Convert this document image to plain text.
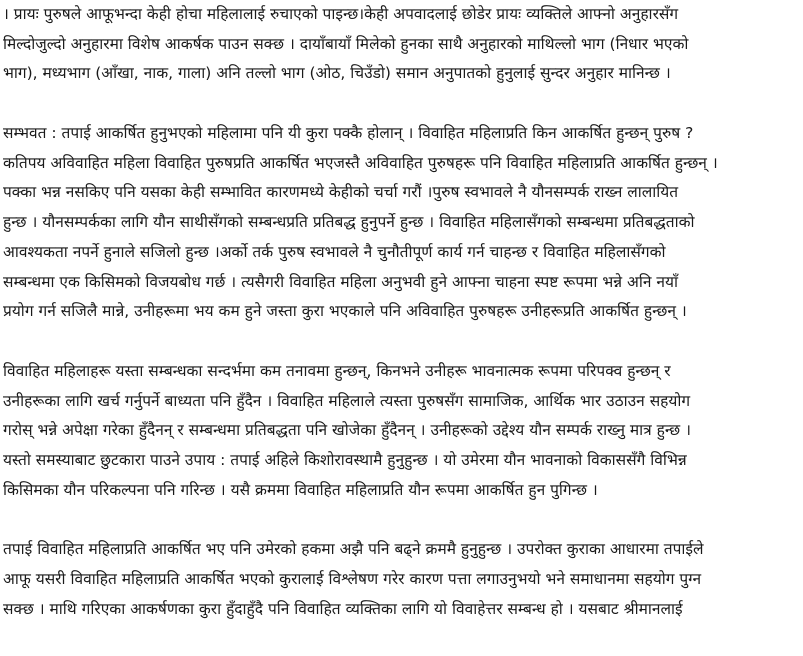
। प्रायः पुरुषले आफूभन्दा केही होचा महिलालाई रुचाएको पाइन्छ।केही अपवादलाई छोडेर प्रायः व्यक्तिले आफ्नो अनुहारसँग
मिल्दोजुल्दो अनुहारमा विशेष आकर्षक पाउन सक्छ । दायाँबायाँ मिलेको हुनका साथै अनुहारको माथिल्लो भाग (निधार भएको
भाग), मध्यभाग (आँखा, नाक, गाला) अनि तल्लो भाग (ओठ, चिउँडो) समान अनुपातको हुनुलाई सुन्दर अनुहार मानिन्छ ।
सम्भवत : तपाई आकर्षित हुनुभएको महिलामा पनि यी कुरा पक्कै होलान् । विवाहित महिलाप्रति किन आकर्षित हुन्छन् पुरुष ?
कतिपय अविवाहित महिला विवाहित पुरुषप्रति आकर्षित भएजस्तै अविवाहित पुरुषहरू पनि विवाहित महिलाप्रति आकर्षित हुन्छन् ।
पक्का भन्न नसकिए पनि यसका केही सम्भावित कारणमध्ये केहीको चर्चा गरौं ।पुरुष स्वभावले नै यौनसम्पर्क राख्न लालायित
हुन्छ । यौनसम्पर्कका लागि यौन साथीसँगको सम्बन्धप्रति प्रतिबद्ध हुनुपर्ने हुन्छ । विवाहित महिलासँगको सम्बन्धमा प्रतिबद्धताको
आवश्यकता नपर्ने हुनाले सजिलो हुन्छ ।अर्को तर्क पुरुष स्वभावले नै चुनौतीपूर्ण कार्य गर्न चाहन्छ र विवाहित महिलासँगको
सम्बन्धमा एक किसिमको विजयबोध गर्छ । त्यसैगरी विवाहित महिला अनुभवी हुने आफ्ना चाहना स्पष्ट रूपमा भन्ने अनि नयाँ
प्रयोग गर्न सजिलै मान्ने, उनीहरूमा भय कम हुने जस्ता कुरा भएकाले पनि अविवाहित पुरुषहरू उनीहरूप्रति आकर्षित हुन्छन् ।
विवाहित महिलाहरू यस्ता सम्बन्धका सन्दर्भमा कम तनावमा हुन्छन्, किनभने उनीहरू भावनात्मक रूपमा परिपक्व हुन्छन् र
उनीहरूका लागि खर्च गर्नुपर्ने बाध्यता पनि हुँदैन । विवाहित महिलाले त्यस्ता पुरुषसँग सामाजिक, आर्थिक भार उठाउन सहयोग
गरोस् भन्ने अपेक्षा गरेका हुँदैनन् र सम्बन्धमा प्रतिबद्धता पनि खोजेका हुँदैनन् । उनीहरूको उद्देश्य यौन सम्पर्क राख्नु मात्र हुन्छ ।
यस्तो समस्याबाट छुटकारा पाउने उपाय : तपाई अहिले किशोरावस्थामै हुनुहुन्छ । यो उमेरमा यौन भावनाको विकाससँगै विभिन्न
किसिमका यौन परिकल्पना पनि गरिन्छ । यसै क्रममा विवाहित महिलाप्रति यौन रूपमा आकर्षित हुन पुगिन्छ ।
तपाई विवाहित महिलाप्रति आकर्षित भए पनि उमेरको हकमा अझै पनि बढ्ने क्रममै हुनुहुन्छ । उपरोक्त कुराका आधारमा तपाईले
आफू यसरी विवाहित महिलाप्रति आकर्षित भएको कुरालाई विश्लेषण गरेर कारण पत्ता लगाउनुभयो भने समाधानमा सहयोग पुग्न
सक्छ । माथि गरिएका आकर्षणका कुरा हुँदाहुँदै पनि विवाहित व्यक्तिका लागि यो विवाहेत्तर सम्बन्ध हो । यसबाट श्रीमानलाई
